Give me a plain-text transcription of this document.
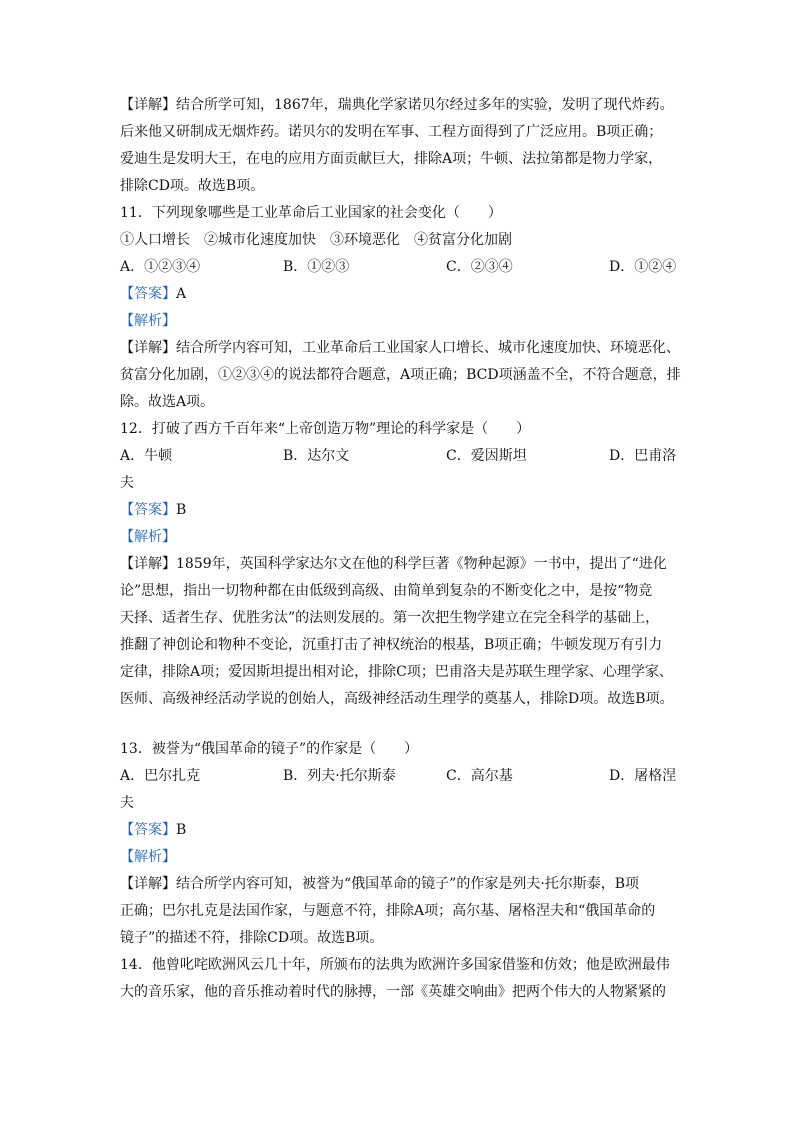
【详解】结合所学可知，1867年，瑞典化学家诺贝尔经过多年的实验，发明了现代炸药。
后来他又研制成无烟炸药。诺贝尔的发明在军事、工程方面得到了广泛应用。B项正确；
爱迪生是发明大王，在电的应用方面贡献巨大，排除A项；牛顿、法拉第都是物力学家，
排除CD项。故选B项。
11．下列现象哪些是工业革命后工业国家的社会变化（　　）
①人口增长　②城市化速度加快　③环境恶化　④贫富分化加剧
A．①②③④	B．①②③	C．②③④	D．①②④
【答案】A
【解析】
【详解】结合所学内容可知，工业革命后工业国家人口增长、城市化速度加快、环境恶化、
贫富分化加剧，①②③④的说法都符合题意，A项正确；BCD项涵盖不全，不符合题意，排
除。故选A项。
12．打破了西方千百年来“上帝创造万物”理论的科学家是（　　）
A．牛顿	B．达尔文	C．爱因斯坦	D．巴甫洛
夫
【答案】B
【解析】
【详解】1859年，英国科学家达尔文在他的科学巨著《物种起源》一书中，提出了“进化
论”思想，指出一切物种都在由低级到高级、由简单到复杂的不断变化之中，是按“物竞
天择、适者生存、优胜劣汰”的法则发展的。第一次把生物学建立在完全科学的基础上，
推翻了神创论和物种不变论，沉重打击了神权统治的根基，B项正确；牛顿发现万有引力
定律，排除A项；爱因斯坦提出相对论，排除C项；巴甫洛夫是苏联生理学家、心理学家、
医师、高级神经活动学说的创始人，高级神经活动生理学的奠基人，排除D项。故选B项。
13．被誉为“俄国革命的镜子”的作家是（　　）
A．巴尔扎克	B．列夫·托尔斯泰	C．高尔基	D．屠格涅
夫
【答案】B
【解析】
【详解】结合所学内容可知，被誉为“俄国革命的镜子”的作家是列夫·托尔斯泰，B项
正确；巴尔扎克是法国作家，与题意不符，排除A项；高尔基、屠格涅夫和“俄国革命的
镜子”的描述不符，排除CD项。故选B项。
14．他曾叱咤欧洲风云几十年，所颁布的法典为欧洲许多国家借鉴和仿效；他是欧洲最伟
大的音乐家，他的音乐推动着时代的脉搏，一部《英雄交响曲》把两个伟大的人物紧紧的
